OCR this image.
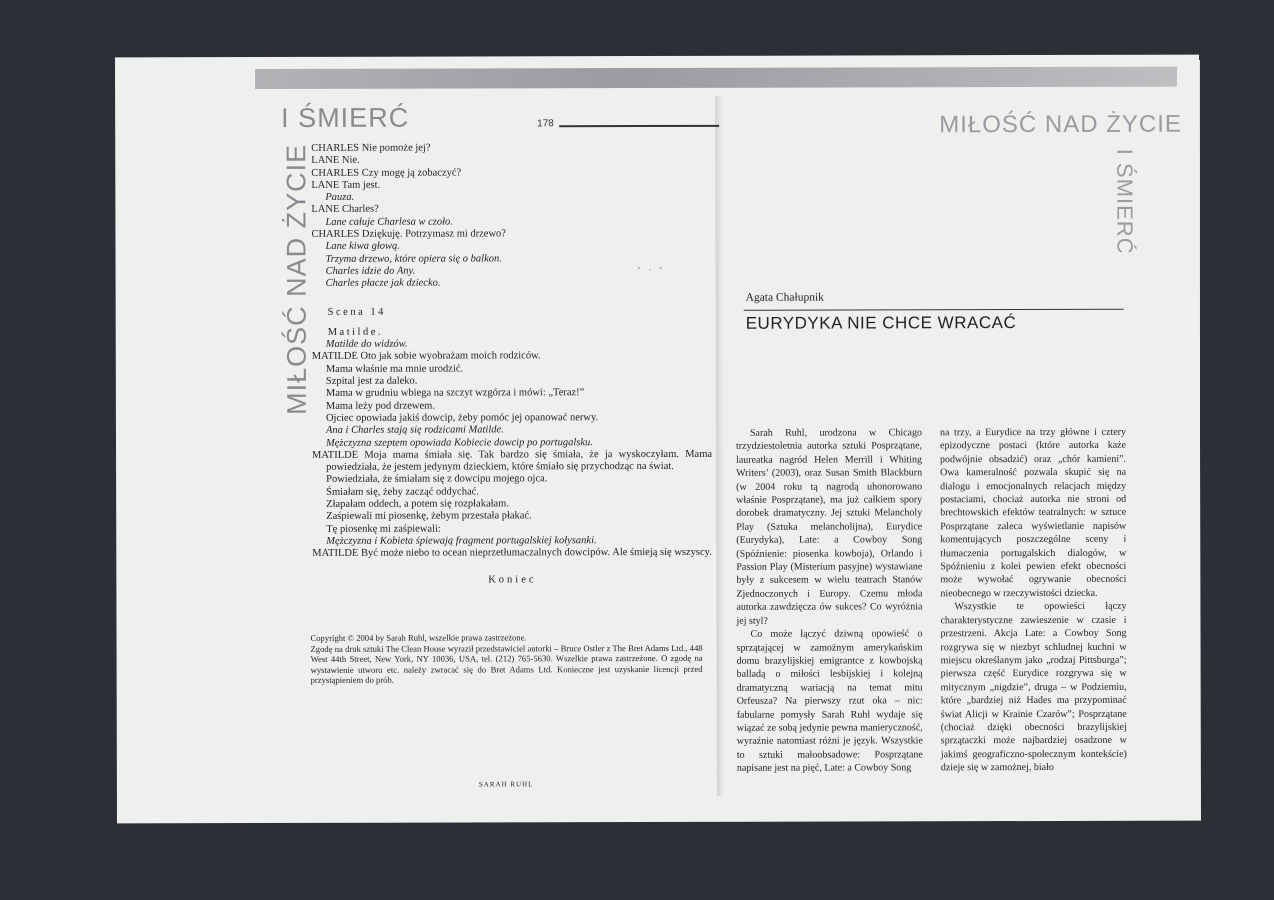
I ŚMIERĆ
MIŁOŚĆ NAD ŻYCIE
178
- . -
CHARLES Nie pomoże jej?
LANE Nie.
CHARLES Czy mogę ją zobaczyć?
LANE Tam jest.
Pauza.
LANE Charles?
Lane całuje Charlesa w czoło.
CHARLES Dziękuję. Potrzymasz mi drzewo?
Lane kiwa głową.
Trzyma drzewo, które opiera się o balkon.
Charles idzie do Any.
Charles płacze jak dziecko.
Scena 14
Matilde.
Matilde do widzów.
MATILDE Oto jak sobie wyobrażam moich rodziców.
Mama właśnie ma mnie urodzić.
Szpital jest za daleko.
Mama w grudniu wbiega na szczyt wzgórza i mówi: „Teraz!”
Mama leży pod drzewem.
Ojciec opowiada jakiś dowcip, żeby pomóc jej opanować nerwy.
Ana i Charles stają się rodzicami Matilde.
Mężczyzna szeptem opowiada Kobiecie dowcip po portugalsku.
MATILDE Moja mama śmiała się. Tak bardzo się śmiała, że ja wyskoczyłam. Mama powiedziała, że jestem jedynym dzieckiem, które śmiało się przychodząc na świat.
Powiedziała, że śmiałam się z dowcipu mojego ojca.
Śmiałam się, żeby zacząć oddychać.
Złapałam oddech, a potem się rozpłakałam.
Zaśpiewali mi piosenkę, żebym przestała płakać.
Tę piosenkę mi zaśpiewali:
Mężczyzna i Kobieta śpiewają fragment portugalskiej kołysanki.
MATILDE Być może niebo to ocean nieprzetłumaczalnych dowcipów. Ale śmieją się wszyscy.
Koniec
Copyright © 2004 by Sarah Ruhl, wszelkie prawa zastrzeżone.
Zgodę na druk sztuki The Clean House wyraził przedstawiciel autorki – Bruce Ostler z The Bret Adams Ltd., 448 West 44th Street, New York, NY 10036, USA, tel. (212) 765-5630. Wszelkie prawa zastrzeżone. O zgodę na wystawienie utworu etc. należy zwracać się do Bret Adams Ltd. Konieczne jest uzyskanie licencji przed przystąpieniem do prób.
SARAH RUHL
MIŁOŚĆ NAD ŻYCIE
I ŚMIERĆ
Agata Chałupnik
EURYDYKA NIE CHCE WRACAĆ

Sarah Ruhl, urodzona w Chicago trzydziestoletnia autorka sztuki Posprzątane, laureatka nagród Helen Merrill i Whiting Writers’ (2003), oraz Susan Smith Blackburn (w 2004 roku tą nagrodą uhonorowano właśnie Posprzątane), ma już całkiem spory dorobek dramatyczny. Jej sztuki Melancholy Play (Sztuka melancholijna), Eurydice (Eurydyka), Late: a Cowboy Song (Spóźnienie: piosenka kowboja), Orlando i Passion Play (Misterium pasyjne) wystawiane były z sukcesem w wielu teatrach Stanów Zjednoczonych i Europy. Czemu młoda autorka zawdzięcza ów sukces? Co wyróżnia jej styl?

Co może łączyć dziwną opowieść o sprzątającej w zamożnym amerykańskim domu brazylijskiej emigrantce z kowbojską balladą o miłości lesbijskiej i kolejną dramatyczną wariacją na temat mitu Orfeusza? Na pierwszy rzut oka – nic: fabularne pomysły Sarah Ruhl wydaje się wiązać ze sobą jedynie pewna manieryczność, wyraźnie natomiast różni je język. Wszystkie to sztuki małoobsadowe: Posprzątane napisane jest na pięć, Late: a Cowboy Song

na trzy, a Eurydice na trzy główne i cztery epizodyczne postaci (które autorka każe podwójnie obsadzić) oraz „chór kamieni”. Owa kameralność pozwala skupić się na dialogu i emocjonalnych relacjach między postaciami, chociaż autorka nie stroni od brechtowskich efektów teatralnych: w sztuce Posprzątane zaleca wyświetlanie napisów komentujących poszczególne sceny i tłumaczenia portugalskich dialogów, w Spóźnieniu z kolei pewien efekt obecności może wywołać ogrywanie obecności nieobecnego w rzeczywistości dziecka.

Wszystkie te opowieści łączy charakterystyczne zawieszenie w czasie i przestrzeni. Akcja Late: a Cowboy Song rozgrywa się w niezbyt schludnej kuchni w miejscu określanym jako „rodzaj Pittsburga”; pierwsza część Eurydice rozgrywa się w mitycznym „nigdzie”, druga – w Podziemiu, które „bardziej niż Hades ma przypominać świat Alicji w Krainie Czarów”; Posprzątane (chociaż dzięki obecności brazylijskiej sprzątaczki może najbardziej osadzone w jakimś geograficzno-społecznym kontekście) dzieje się w zamożnej, biało
